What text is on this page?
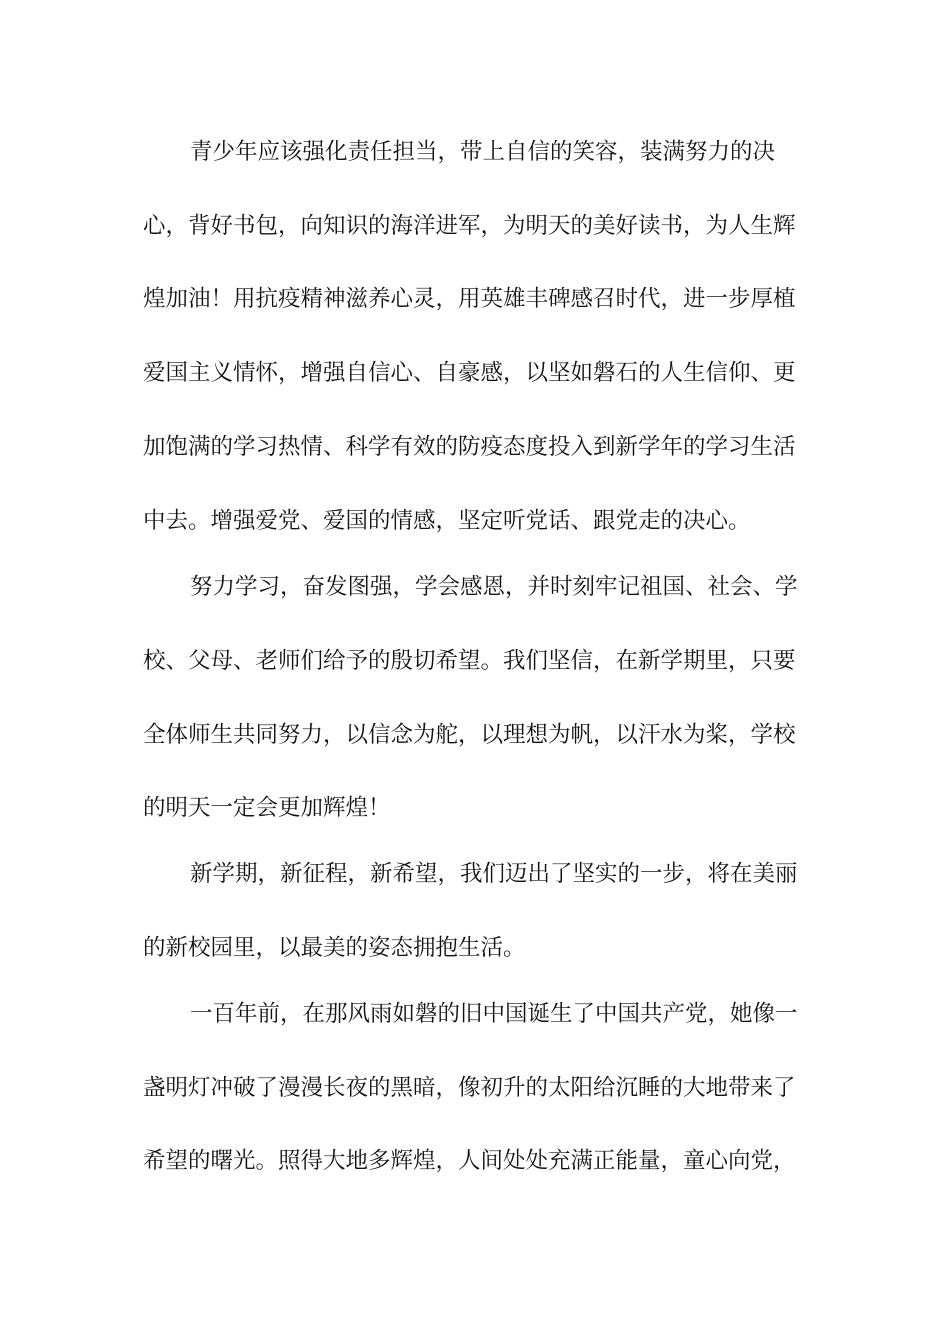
青少年应该强化责任担当，带上自信的笑容，装满努力的决

心，背好书包，向知识的海洋进军，为明天的美好读书，为人生辉

煌加油！用抗疫精神滋养心灵，用英雄丰碑感召时代，进一步厚植

爱国主义情怀，增强自信心、自豪感，以坚如磐石的人生信仰、更

加饱满的学习热情、科学有效的防疫态度投入到新学年的学习生活

中去。增强爱党、爱国的情感，坚定听党话、跟党走的决心。

努力学习，奋发图强，学会感恩，并时刻牢记祖国、社会、学

校、父母、老师们给予的殷切希望。我们坚信，在新学期里，只要

全体师生共同努力，以信念为舵，以理想为帆，以汗水为桨，学校

的明天一定会更加辉煌！

新学期，新征程，新希望，我们迈出了坚实的一步，将在美丽

的新校园里，以最美的姿态拥抱生活。

一百年前，在那风雨如磐的旧中国诞生了中国共产党，她像一

盏明灯冲破了漫漫长夜的黑暗，像初升的太阳给沉睡的大地带来了

希望的曙光。照得大地多辉煌，人间处处充满正能量，童心向党，
